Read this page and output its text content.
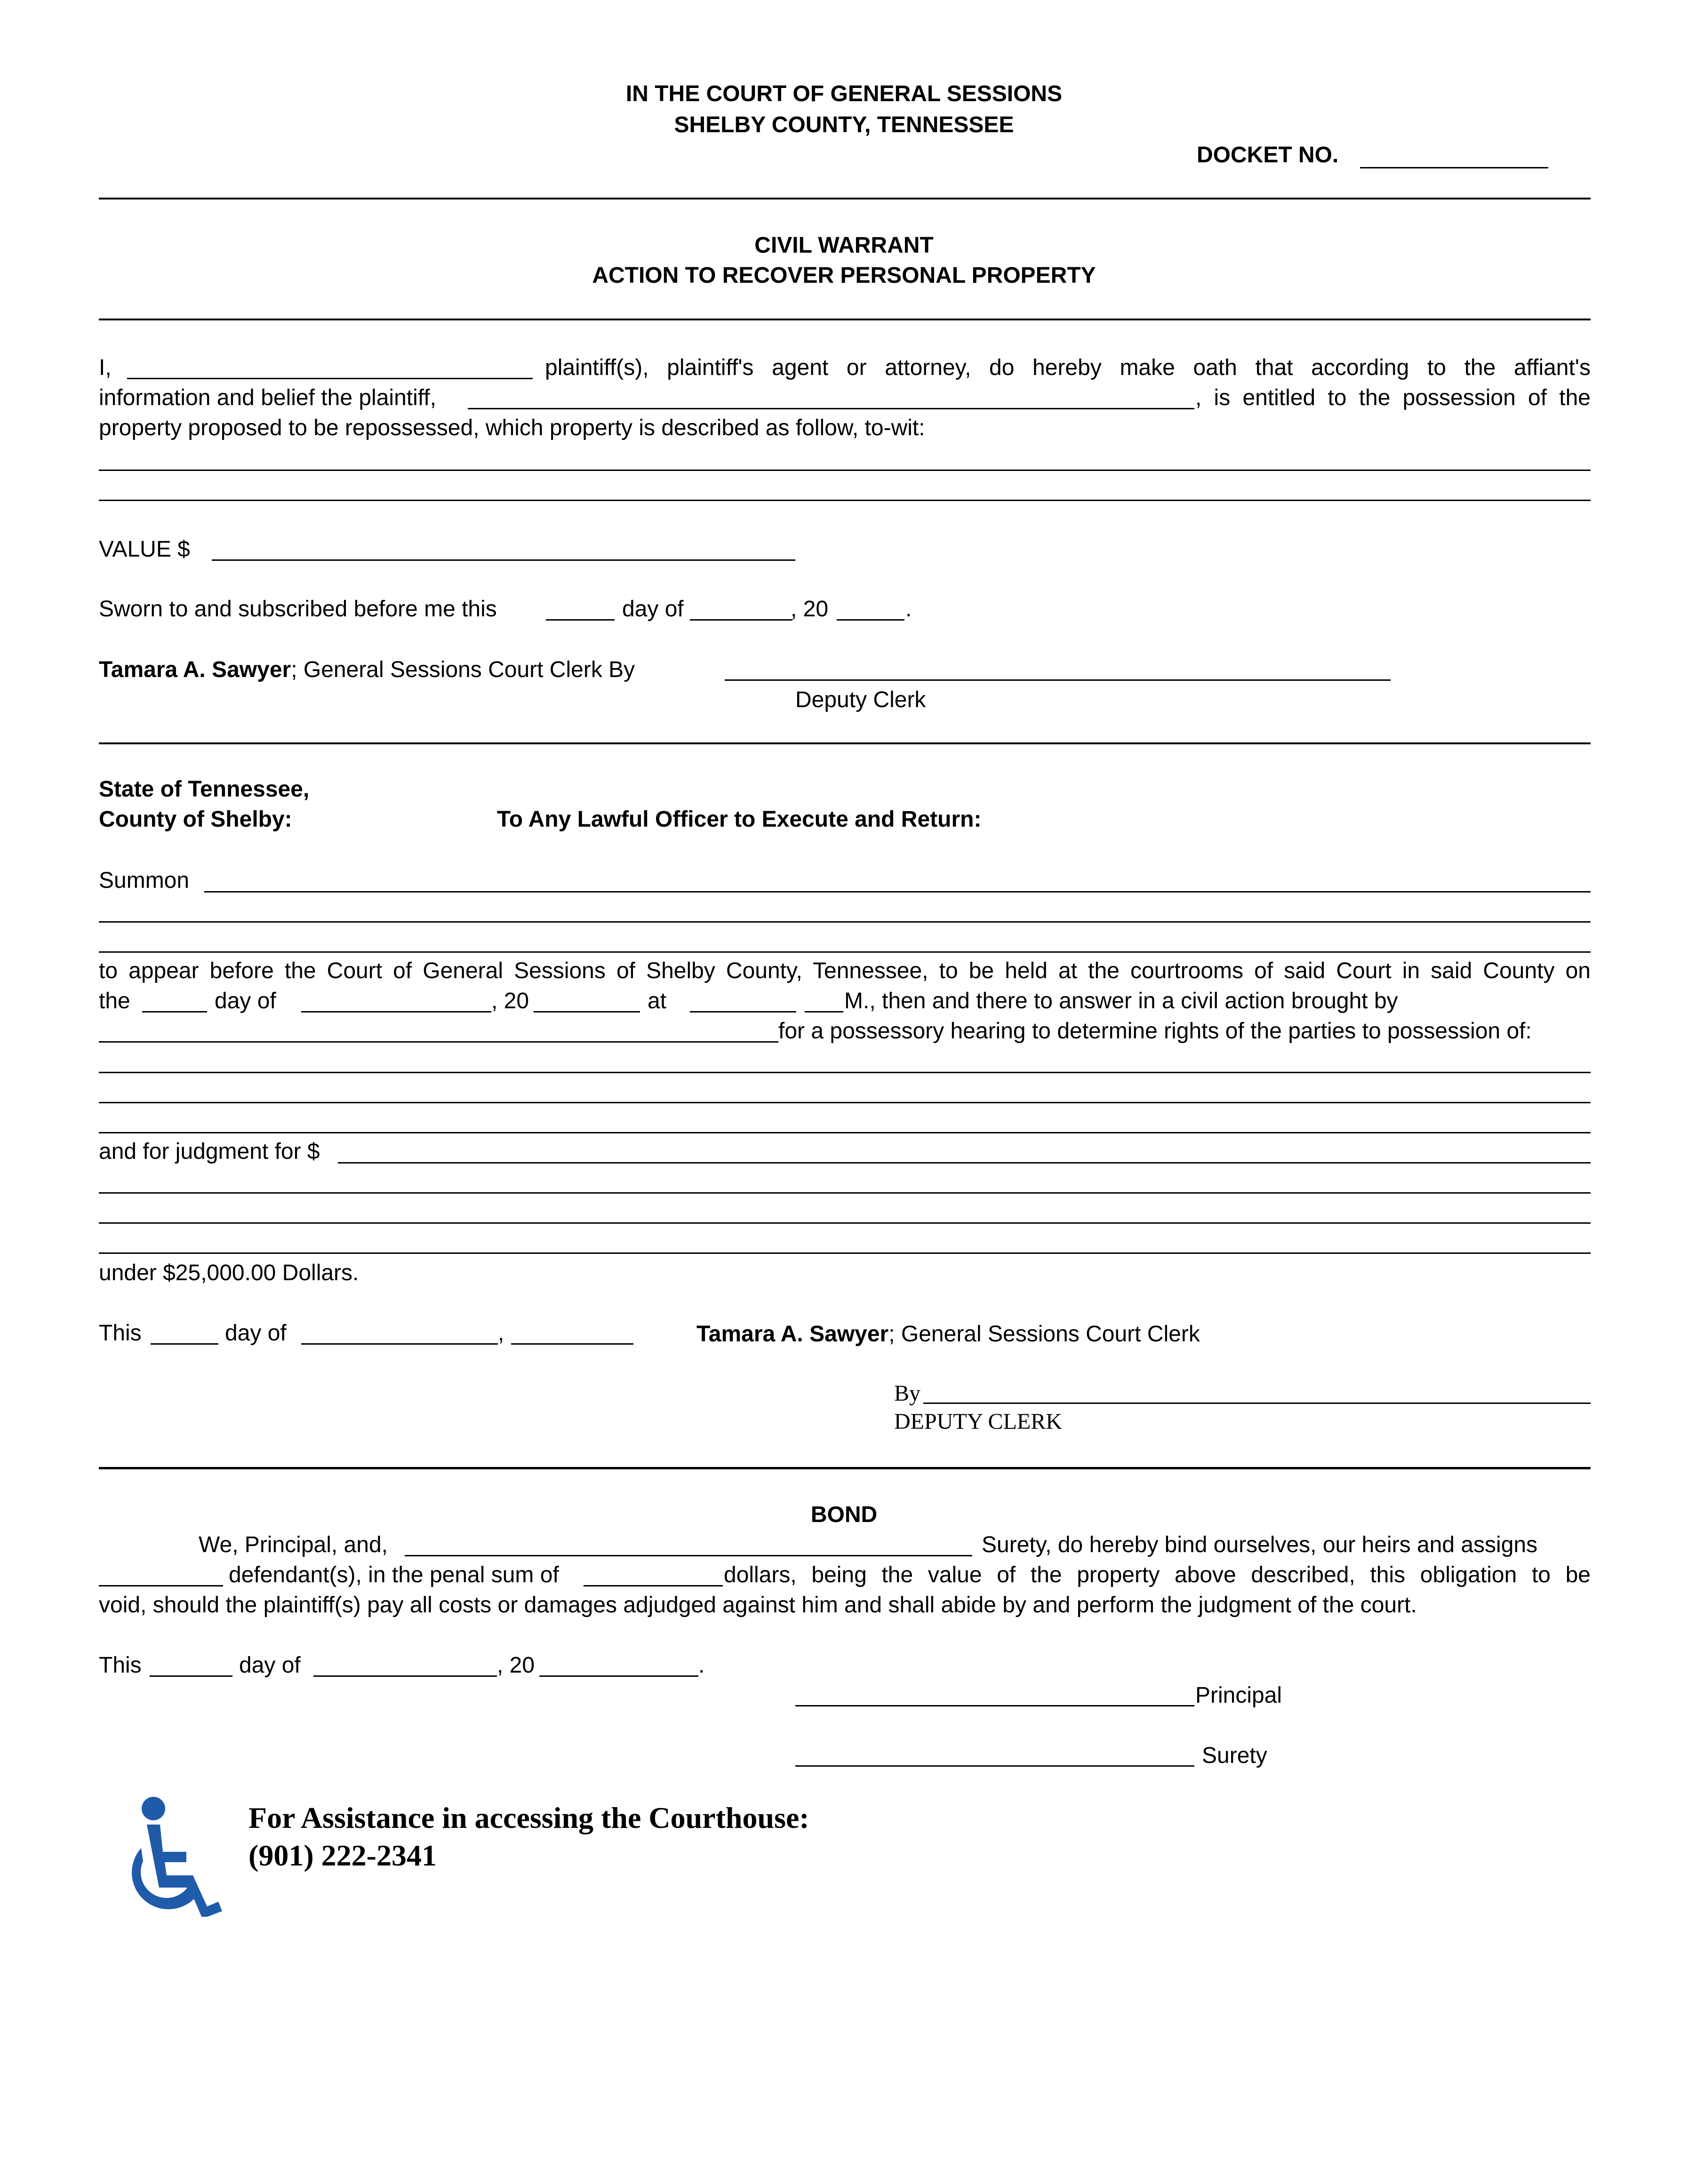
IN THE COURT OF GENERAL SESSIONS
SHELBY COUNTY, TENNESSEE
DOCKET NO.
CIVIL WARRANT
ACTION TO RECOVER PERSONAL PROPERTY
I,	plaintiff(s), plaintiff's agent or attorney, do hereby make oath that according to the affiant's
information and belief the plaintiff,	, is entitled to the possession of the
property proposed to be repossessed, which property is described as follow, to-wit:
VALUE $
Sworn to and subscribed before me this	day of	, 20	.
Tamara A. Sawyer; General Sessions Court Clerk By
Deputy Clerk
State of Tennessee,
County of Shelby:	To Any Lawful Officer to Execute and Return:
Summon
to appear before the Court of General Sessions of Shelby County, Tennessee, to be held at the courtrooms of said Court in said County on
the	day of	, 20	at	M., then and there to answer in a civil action brought by
for a possessory hearing to determine rights of the parties to possession of:
and for judgment for $
under $25,000.00 Dollars.
This	day of	,	Tamara A. Sawyer; General Sessions Court Clerk
By
DEPUTY CLERK
BOND
We, Principal, and,	Surety, do hereby bind ourselves, our heirs and assigns
defendant(s), in the penal sum of	dollars, being the value of the property above described, this obligation to be
void, should the plaintiff(s) pay all costs or damages adjudged against him and shall abide by and perform the judgment of the court.
This	day of	, 20	.
Principal
Surety
For Assistance in accessing the Courthouse:
(901) 222-2341
